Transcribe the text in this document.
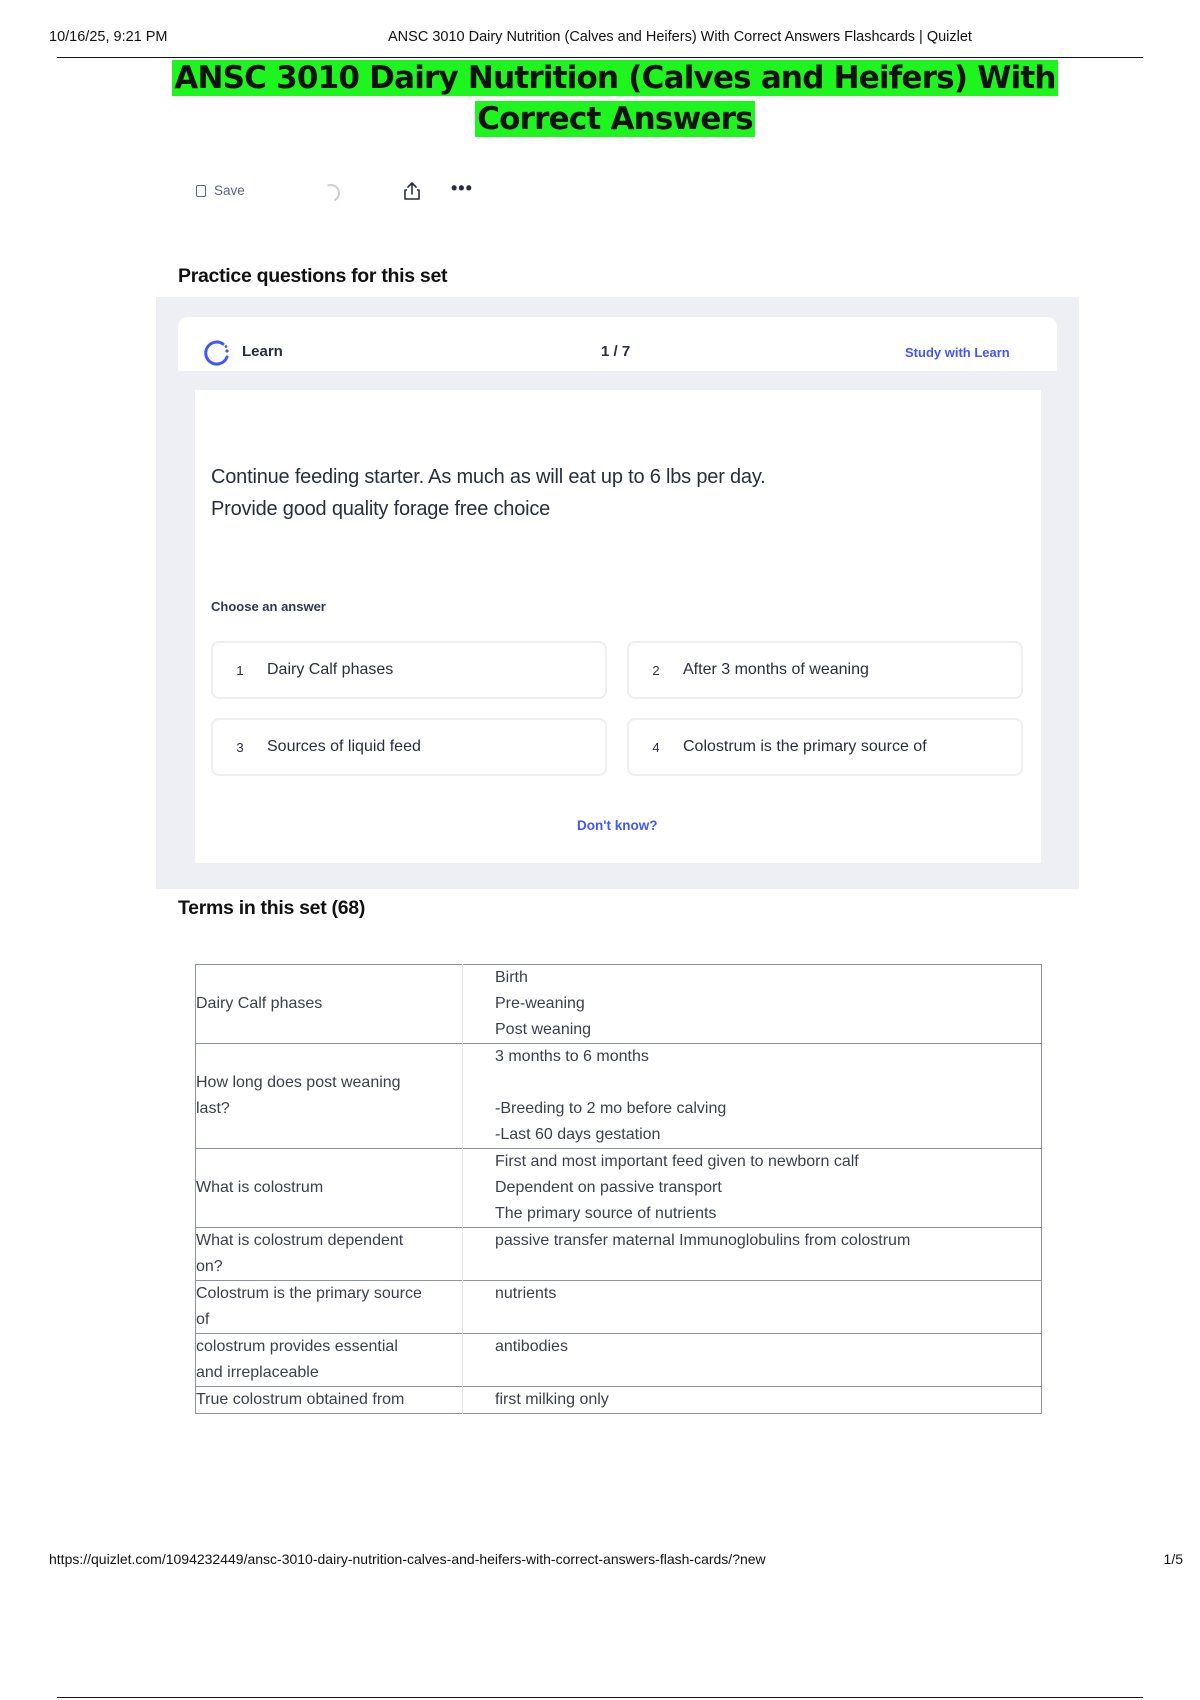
10/16/25, 9:21 PM	ANSC 3010 Dairy Nutrition (Calves and Heifers) With Correct Answers Flashcards | Quizlet
ANSC 3010 Dairy Nutrition (Calves and Heifers) With
Correct Answers
Save	•••
Practice questions for this set
Learn	1 / 7	Study with Learn
Continue feeding starter. As much as will eat up to 6 lbs per day.
Provide good quality forage free choice
Choose an answer
1	Dairy Calf phases	2	After 3 months of weaning
3	Sources of liquid feed	4	Colostrum is the primary source of
Don't know?
Terms in this set (68)
Dairy Calf phases	Birth
Pre-weaning
Post weaning

How long does post weaning
last?	3 months to 6 months
-Breeding to 2 mo before calving
-Last 60 days gestation

What is colostrum	First and most important feed given to newborn calf
Dependent on passive transport
The primary source of nutrients

What is colostrum dependent
on?	passive transfer maternal Immunoglobulins from colostrum

Colostrum is the primary source
of	nutrients

colostrum provides essential
and irreplaceable	antibodies

True colostrum obtained from	first milking only
https://quizlet.com/1094232449/ansc-3010-dairy-nutrition-calves-and-heifers-with-correct-answers-flash-cards/?new	1/5
